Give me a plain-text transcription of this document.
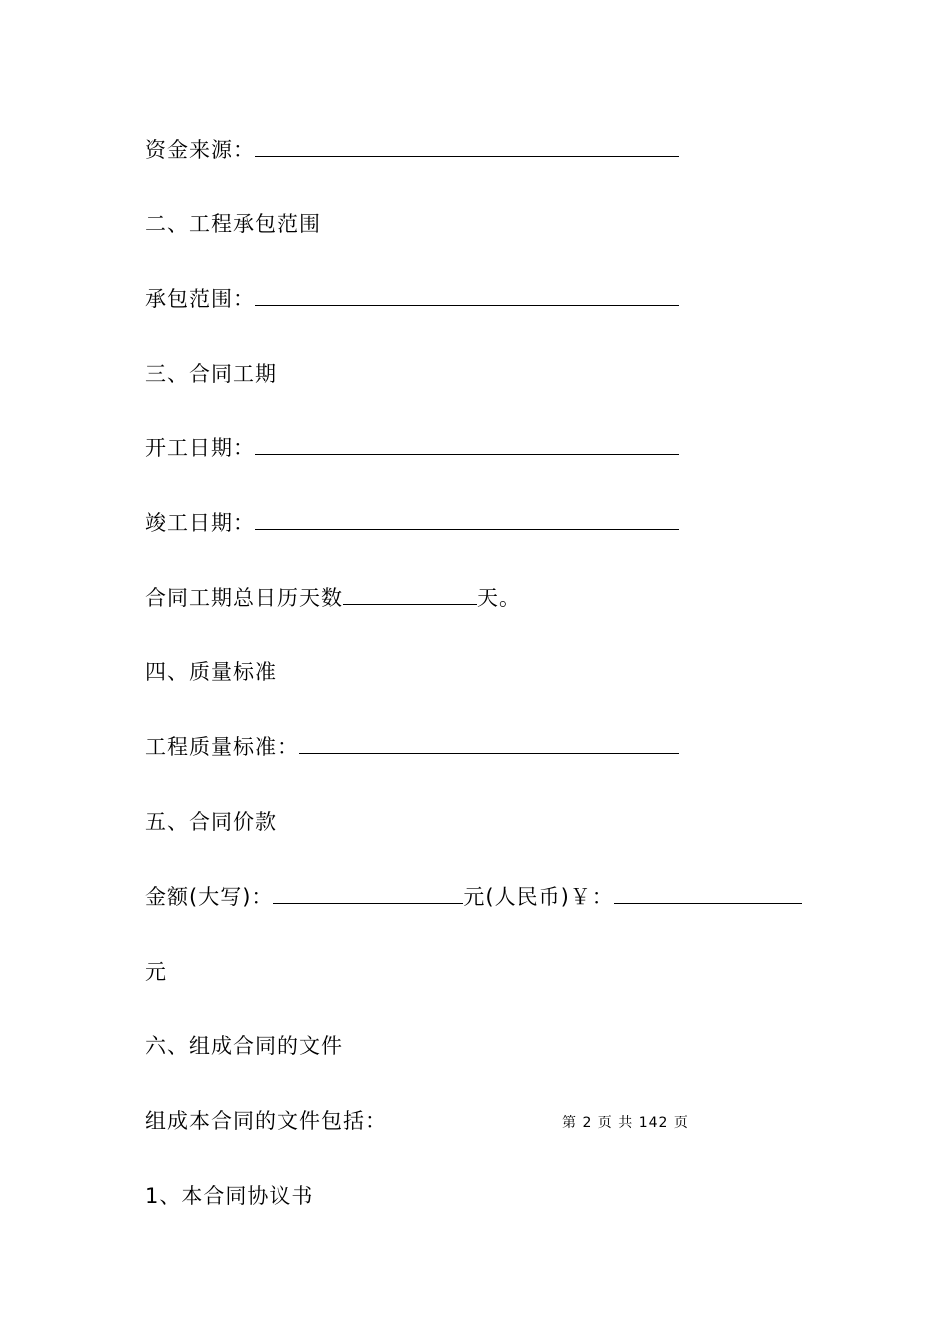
资金来源：
二、工程承包范围
承包范围：
三、合同工期
开工日期：
竣工日期：
合同工期总日历天数	天。
四、质量标准
工程质量标准：
五、合同价款
金额(大写)：	元(人民币)￥：
元
六、组成合同的文件
组成本合同的文件包括：	第 2 页 共 142 页
1、本合同协议书
